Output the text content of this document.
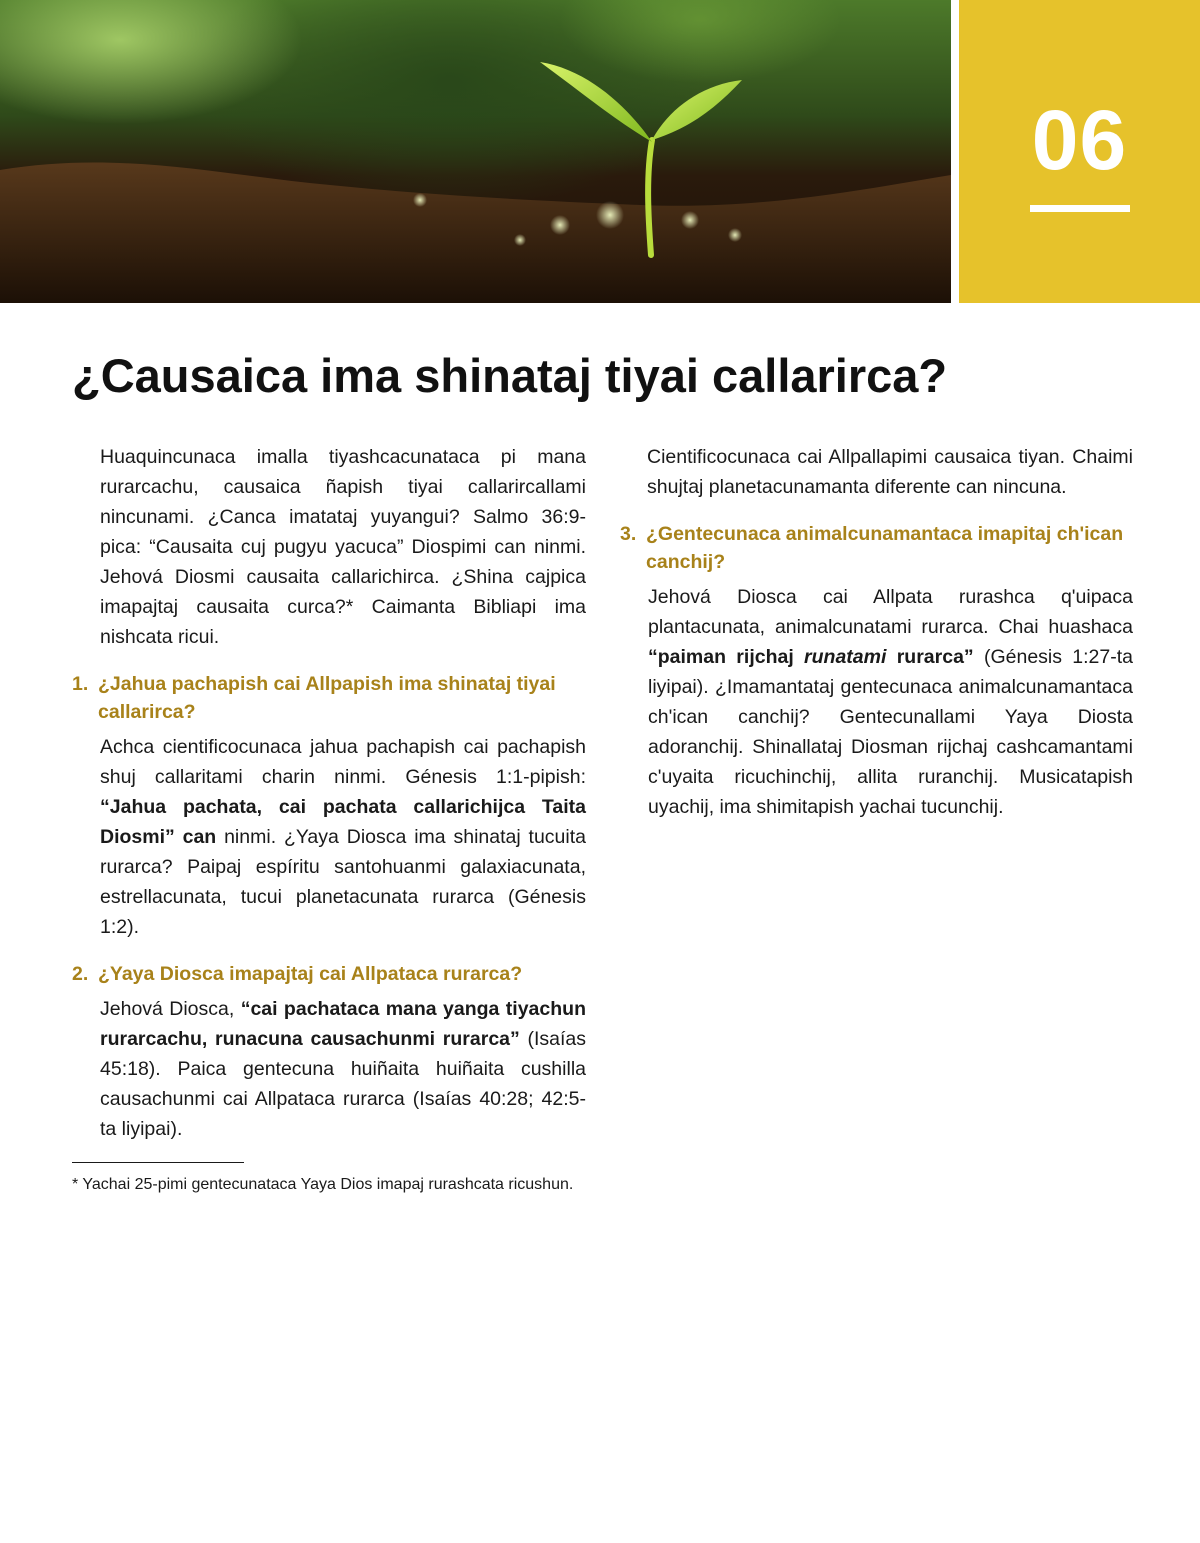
06
¿Causaica ima shinataj tiyai callarirca?

Huaquincunaca imalla tiyashcacunataca pi mana rurarcachu, causaica ñapish tiyai callarircallami nincunami. ¿Canca imatataj yuyangui? Salmo 36:9-pica: “Causaita cuj pugyu yacuca” Diospimi can ninmi. Jehová Diosmi causaita callarichirca. ¿Shina cajpica imapajtaj causaita curca?* Caimanta Bibliapi ima nishcata ricui.

1. ¿Jahua pachapish cai Allpapish ima shinataj tiyai callarirca?

Achca cientificocunaca jahua pachapish cai pachapish shuj callaritami charin ninmi. Génesis 1:1-pipish: “Jahua pachata, cai pachata callarichijca Taita Diosmi” can ninmi. ¿Yaya Diosca ima shinataj tucuita rurarca? Paipaj espíritu santohuanmi galaxiacunata, estrellacunata, tucui planetacunata rurarca (Génesis 1:2).

2. ¿Yaya Diosca imapajtaj cai Allpataca rurarca?

Jehová Diosca, “cai pachataca mana yanga tiyachun rurarcachu, runacuna causachunmi rurarca” (Isaías 45:18). Paica gentecuna huiñaita huiñaita cushilla causachunmi cai Allpataca rurarca (Isaías 40:28; 42:5-ta liyipai).

Cientificocunaca cai Allpallapimi causaica tiyan. Chaimi shujtaj planetacunamanta diferente can nincuna.

3. ¿Gentecunaca animalcunamantaca imapitaj ch'ican canchij?

Jehová Diosca cai Allpata rurashca q'uipaca plantacunata, animalcunatami rurarca. Chai huashaca “paiman rijchaj runatami rurarca” (Génesis 1:27-ta liyipai). ¿Imamantataj gentecunaca animalcunamantaca ch'ican canchij? Gentecunallami Yaya Diosta adoranchij. Shinallataj Diosman rijchaj cashcamantami c'uyaita ricuchinchij, allita ruranchij. Musicatapish uyachij, ima shimitapish yachai tucunchij.

* Yachai 25-pimi gentecunataca Yaya Dios imapaj rurashcata ricushun.
